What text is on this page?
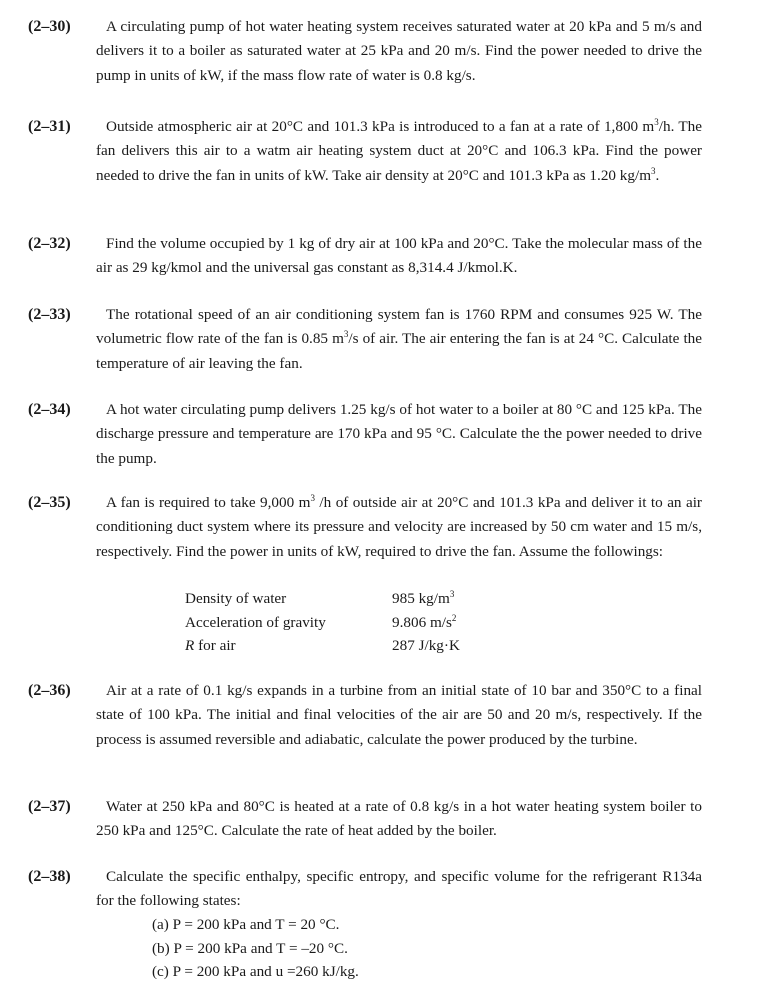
(2–30)	A circulating pump of hot water heating system receives saturated water at 20 kPa and 5 m/s and delivers it to a boiler as saturated water at 25 kPa and 20 m/s. Find the power needed to drive the pump in units of kW, if the mass flow rate of water is 0.8 kg/s.
(2–31)	Outside atmospheric air at 20°C and 101.3 kPa is introduced to a fan at a rate of 1,800 $m^3/h$. The fan delivers this air to a watm air heating system duct at 20°C and 106.3 kPa. Find the power needed to drive the fan in units of kW. Take air density at 20°C and 101.3 kPa as 1.20 $kg/m^3$.
(2–32)	Find the volume occupied by 1 kg of dry air at 100 kPa and 20°C. Take the molecular mass of the air as 29 kg/kmol and the universal gas constant as 8,314.4 J/kmol.K.
(2–33)	The rotational speed of an air conditioning system fan is 1760 RPM and consumes 925 W. The volumetric flow rate of the fan is 0.85 $m^3/s$ of air. The air entering the fan is at 24 °C. Calculate the temperature of air leaving the fan.
(2–34)	A hot water circulating pump delivers 1.25 kg/s of hot water to a boiler at 80 °C and 125 kPa. The discharge pressure and temperature are 170 kPa and 95 °C. Calculate the the power needed to drive the pump.
(2–35)	A fan is required to take 9,000 $m^3$ /h of outside air at 20°C and 101.3 kPa and deliver it to an air conditioning duct system where its pressure and velocity are increased by 50 cm water and 15 m/s, respectively. Find the power in units of kW, required to drive the fan. Assume the followings:
Density of water	985 $kg/m^3$
Acceleration of gravity	9.806 $m/s^2$
R for air	287 J/kg·K
(2–36)	Air at a rate of 0.1 kg/s expands in a turbine from an initial state of 10 bar and 350°C to a final state of 100 kPa. The initial and final velocities of the air are 50 and 20 m/s, respectively. If the process is assumed reversible and adiabatic, calculate the power produced by the turbine.
(2–37)	Water at 250 kPa and 80°C is heated at a rate of 0.8 kg/s in a hot water heating system boiler to 250 kPa and 125°C. Calculate the rate of heat added by the boiler.
(2–38)	Calculate the specific enthalpy, specific entropy, and specific volume for the refrigerant R134a for the following states:
(a) P = 200 kPa and T = 20 °C.
(b) P = 200 kPa and T = –20 °C.
(c) P = 200 kPa and u =260 kJ/kg.
